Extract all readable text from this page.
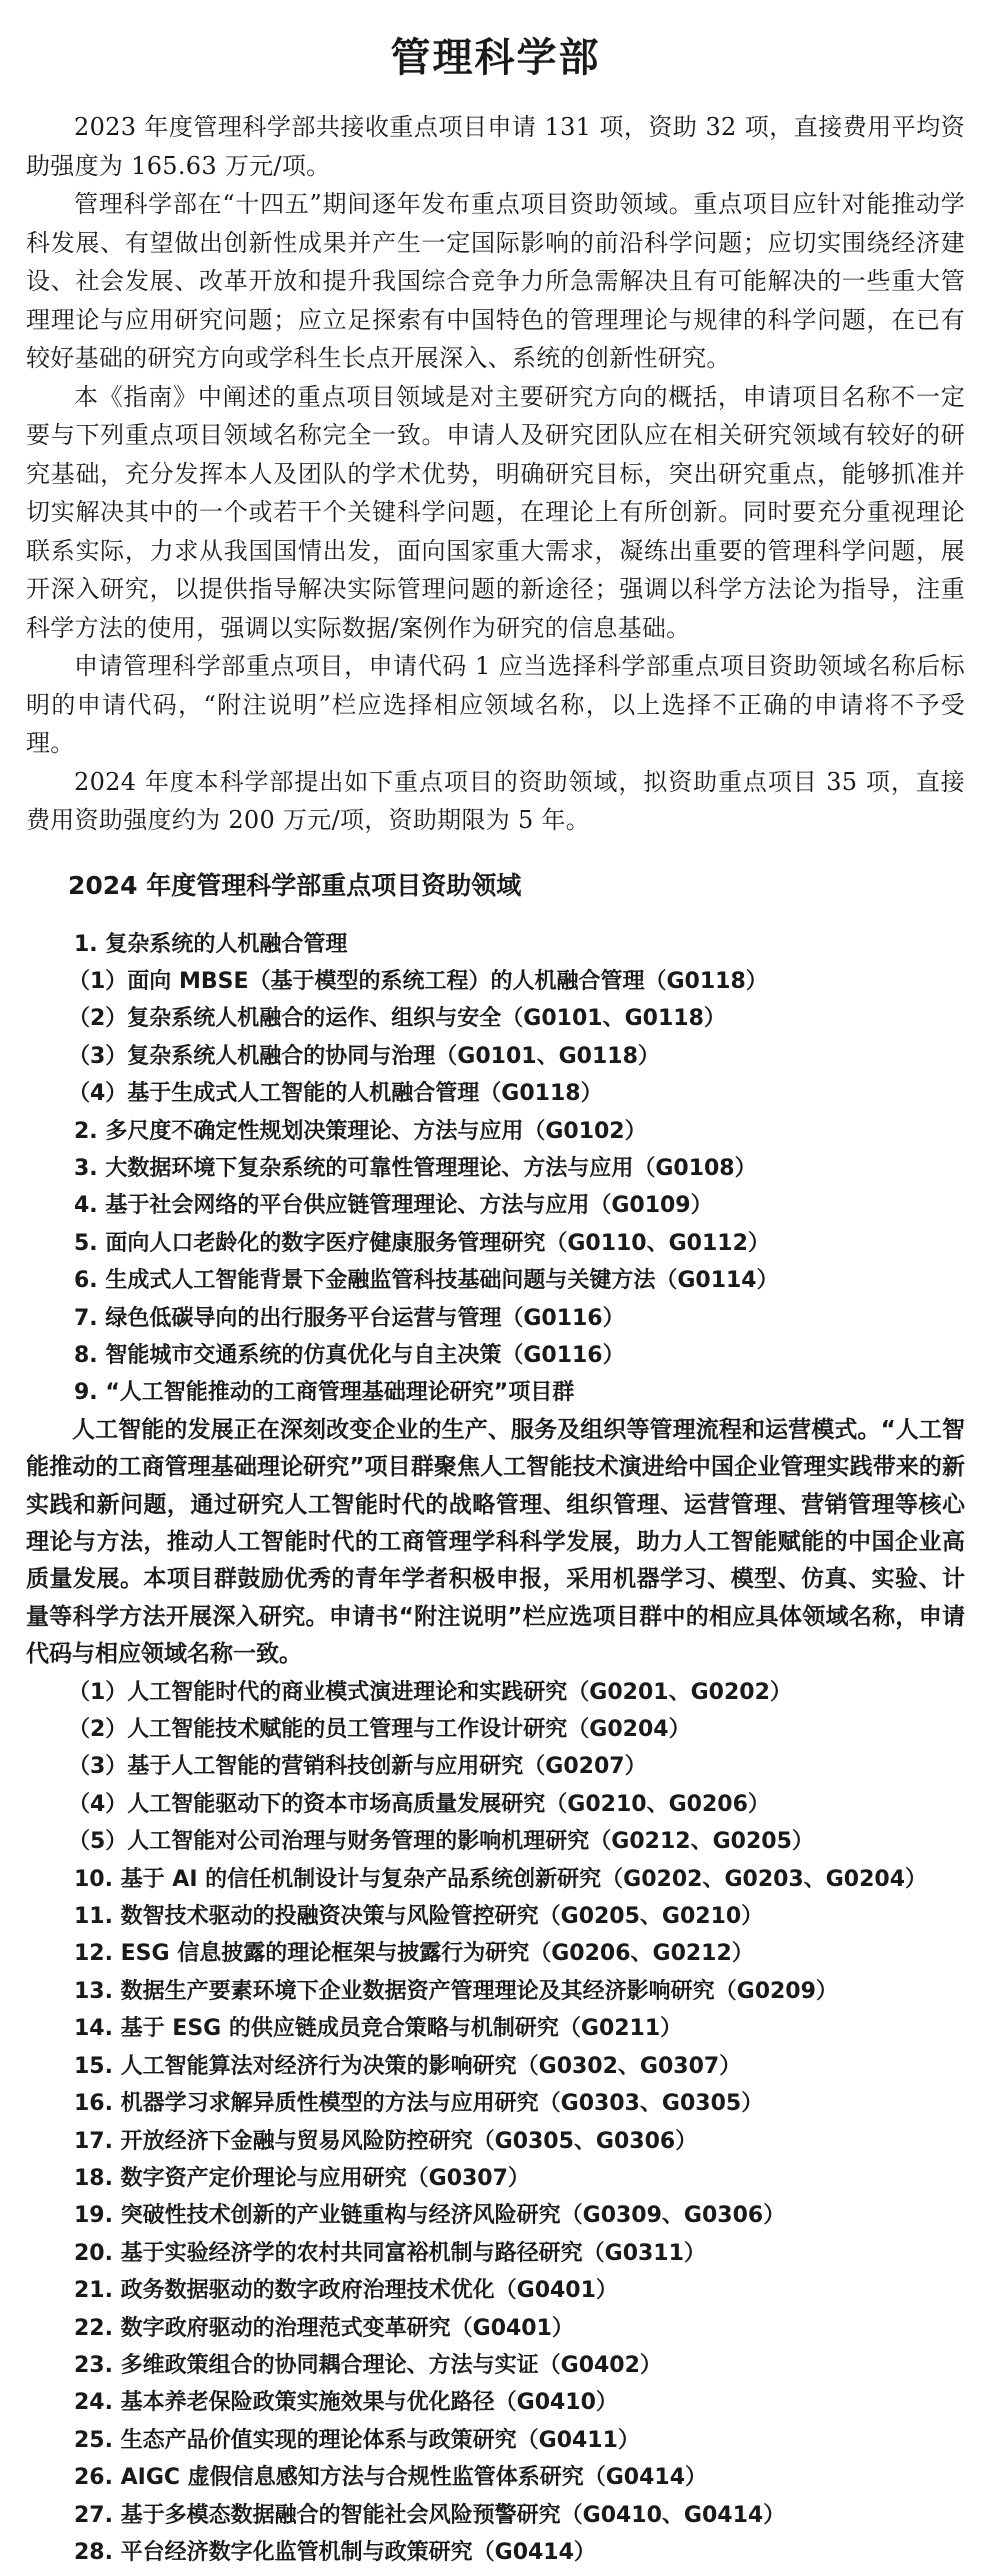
管理科学部

2023 年度管理科学部共接收重点项目申请 131 项，资助 32 项，直接费用平均资助强度为 165.63 万元/项。

管理科学部在“十四五”期间逐年发布重点项目资助领域。重点项目应针对能推动学科发展、有望做出创新性成果并产生一定国际影响的前沿科学问题；应切实围绕经济建设、社会发展、改革开放和提升我国综合竞争力所急需解决且有可能解决的一些重大管理理论与应用研究问题；应立足探索有中国特色的管理理论与规律的科学问题，在已有较好基础的研究方向或学科生长点开展深入、系统的创新性研究。

本《指南》中阐述的重点项目领域是对主要研究方向的概括，申请项目名称不一定要与下列重点项目领域名称完全一致。申请人及研究团队应在相关研究领域有较好的研究基础，充分发挥本人及团队的学术优势，明确研究目标，突出研究重点，能够抓准并切实解决其中的一个或若干个关键科学问题，在理论上有所创新。同时要充分重视理论联系实际，力求从我国国情出发，面向国家重大需求，凝练出重要的管理科学问题，展开深入研究，以提供指导解决实际管理问题的新途径；强调以科学方法论为指导，注重科学方法的使用，强调以实际数据/案例作为研究的信息基础。

申请管理科学部重点项目，申请代码 1 应当选择科学部重点项目资助领域名称后标明的申请代码，“附注说明”栏应选择相应领域名称，以上选择不正确的申请将不予受理。

2024 年度本科学部提出如下重点项目的资助领域，拟资助重点项目 35 项，直接费用资助强度约为 200 万元/项，资助期限为 5 年。

2024 年度管理科学部重点项目资助领域

1. 复杂系统的人机融合管理

（1）面向 MBSE（基于模型的系统工程）的人机融合管理（G0118）

（2）复杂系统人机融合的运作、组织与安全（G0101、G0118）

（3）复杂系统人机融合的协同与治理（G0101、G0118）

（4）基于生成式人工智能的人机融合管理（G0118）

2. 多尺度不确定性规划决策理论、方法与应用（G0102）

3. 大数据环境下复杂系统的可靠性管理理论、方法与应用（G0108）

4. 基于社会网络的平台供应链管理理论、方法与应用（G0109）

5. 面向人口老龄化的数字医疗健康服务管理研究（G0110、G0112）

6. 生成式人工智能背景下金融监管科技基础问题与关键方法（G0114）

7. 绿色低碳导向的出行服务平台运营与管理（G0116）

8. 智能城市交通系统的仿真优化与自主决策（G0116）

9. “人工智能推动的工商管理基础理论研究”项目群

人工智能的发展正在深刻改变企业的生产、服务及组织等管理流程和运营模式。“人工智能推动的工商管理基础理论研究”项目群聚焦人工智能技术演进给中国企业管理实践带来的新实践和新问题，通过研究人工智能时代的战略管理、组织管理、运营管理、营销管理等核心理论与方法，推动人工智能时代的工商管理学科科学发展，助力人工智能赋能的中国企业高质量发展。本项目群鼓励优秀的青年学者积极申报，采用机器学习、模型、仿真、实验、计量等科学方法开展深入研究。申请书“附注说明”栏应选项目群中的相应具体领域名称，申请代码与相应领域名称一致。

（1）人工智能时代的商业模式演进理论和实践研究（G0201、G0202）

（2）人工智能技术赋能的员工管理与工作设计研究（G0204）

（3）基于人工智能的营销科技创新与应用研究（G0207）

（4）人工智能驱动下的资本市场高质量发展研究（G0210、G0206）

（5）人工智能对公司治理与财务管理的影响机理研究（G0212、G0205）

10. 基于 AI 的信任机制设计与复杂产品系统创新研究（G0202、G0203、G0204）

11. 数智技术驱动的投融资决策与风险管控研究（G0205、G0210）

12. ESG 信息披露的理论框架与披露行为研究（G0206、G0212）

13. 数据生产要素环境下企业数据资产管理理论及其经济影响研究（G0209）

14. 基于 ESG 的供应链成员竞合策略与机制研究（G0211）

15. 人工智能算法对经济行为决策的影响研究（G0302、G0307）

16. 机器学习求解异质性模型的方法与应用研究（G0303、G0305）

17. 开放经济下金融与贸易风险防控研究（G0305、G0306）

18. 数字资产定价理论与应用研究（G0307）

19. 突破性技术创新的产业链重构与经济风险研究（G0309、G0306）

20. 基于实验经济学的农村共同富裕机制与路径研究（G0311）

21. 政务数据驱动的数字政府治理技术优化（G0401）

22. 数字政府驱动的治理范式变革研究（G0401）

23. 多维政策组合的协同耦合理论、方法与实证（G0402）

24. 基本养老保险政策实施效果与优化路径（G0410）

25. 生态产品价值实现的理论体系与政策研究（G0411）

26. AIGC 虚假信息感知方法与合规性监管体系研究（G0414）

27. 基于多模态数据融合的智能社会风险预警研究（G0410、G0414）

28. 平台经济数字化监管机制与政策研究（G0414）
